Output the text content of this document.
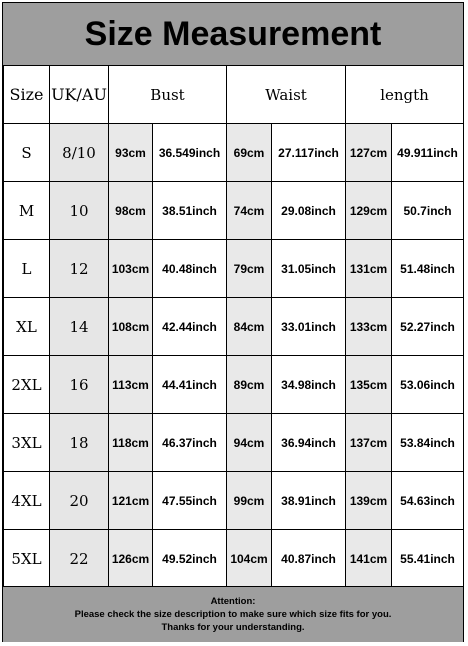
Size Measurement
Size	UK/AU	Bust		Waist		length	
S	8/10	93cm	36.549inch	69cm	27.117inch	127cm	49.911inch
M	10	98cm	38.51inch	74cm	29.08inch	129cm	50.7inch
L	12	103cm	40.48inch	79cm	31.05inch	131cm	51.48inch
XL	14	108cm	42.44inch	84cm	33.01inch	133cm	52.27inch
2XL	16	113cm	44.41inch	89cm	34.98inch	135cm	53.06inch
3XL	18	118cm	46.37inch	94cm	36.94inch	137cm	53.84inch
4XL	20	121cm	47.55inch	99cm	38.91inch	139cm	54.63inch
5XL	22	126cm	49.52inch	104cm	40.87inch	141cm	55.41inch
Attention:
Please check the size description to make sure which size fits for you.
Thanks for your understanding.
